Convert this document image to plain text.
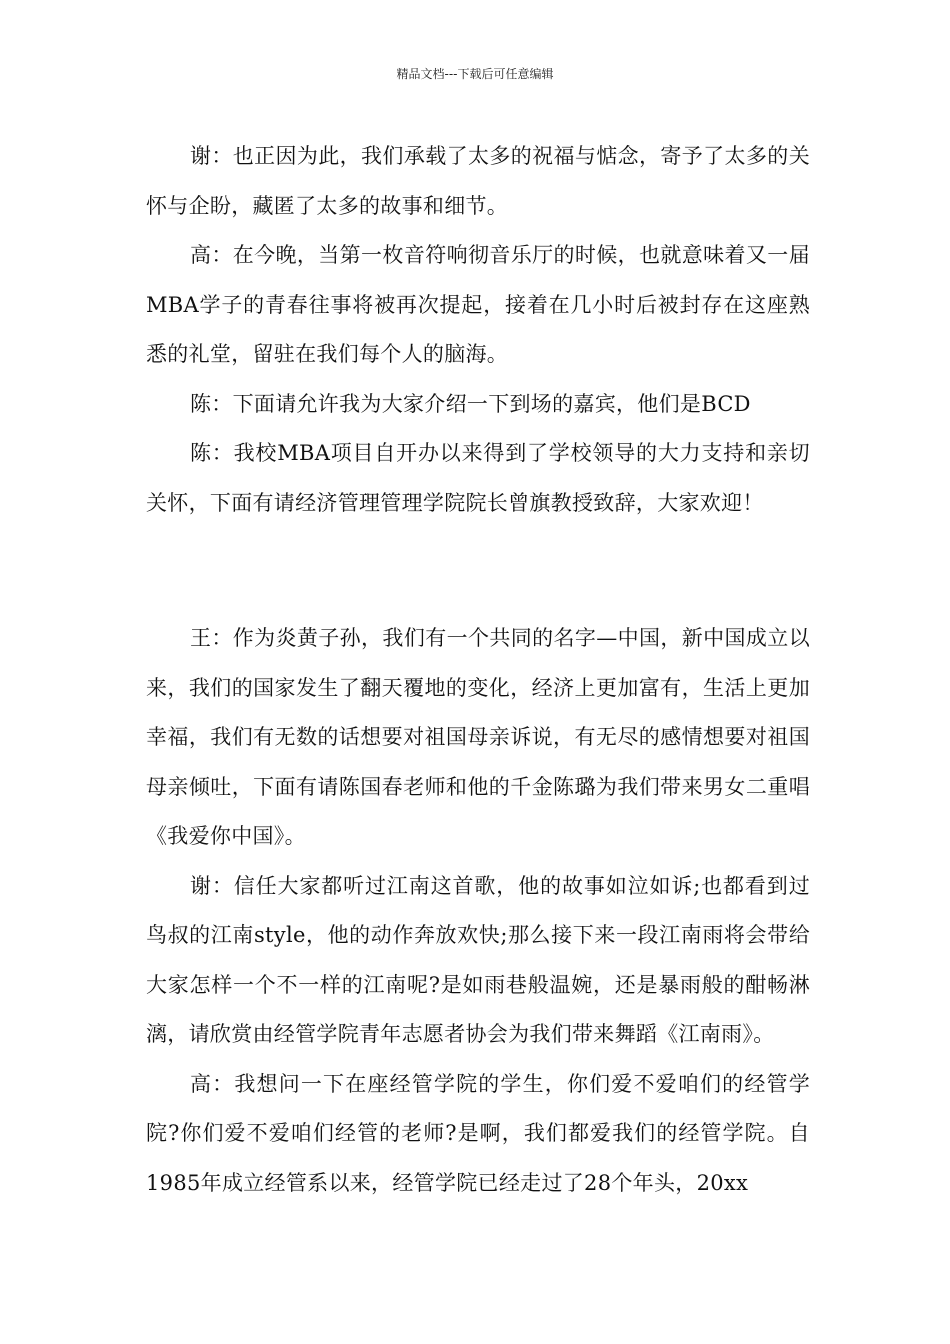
精品文档---下载后可任意编辑

谢：也正因为此，我们承载了太多的祝福与惦念，寄予了太多的关怀与企盼，藏匿了太多的故事和细节。

高：在今晚，当第一枚音符响彻音乐厅的时候，也就意味着又一届MBA学子的青春往事将被再次提起，接着在几小时后被封存在这座熟悉的礼堂，留驻在我们每个人的脑海。

陈：下面请允许我为大家介绍一下到场的嘉宾，他们是BCD

陈：我校MBA项目自开办以来得到了学校领导的大力支持和亲切关怀，下面有请经济管理管理学院院长曾旗教授致辞，大家欢迎！

王：作为炎黄子孙，我们有一个共同的名字—中国，新中国成立以来，我们的国家发生了翻天覆地的变化，经济上更加富有，生活上更加幸福，我们有无数的话想要对祖国母亲诉说，有无尽的感情想要对祖国母亲倾吐，下面有请陈国春老师和他的千金陈璐为我们带来男女二重唱《我爱你中国》。

谢：信任大家都听过江南这首歌，他的故事如泣如诉;也都看到过鸟叔的江南style，他的动作奔放欢快;那么接下来一段江南雨将会带给大家怎样一个不一样的江南呢?是如雨巷般温婉，还是暴雨般的酣畅淋漓，请欣赏由经管学院青年志愿者协会为我们带来舞蹈《江南雨》。

高：我想问一下在座经管学院的学生，你们爱不爱咱们的经管学院?你们爱不爱咱们经管的老师?是啊，我们都爱我们的经管学院。自1985年成立经管系以来，经管学院已经走过了28个年头，20xx
